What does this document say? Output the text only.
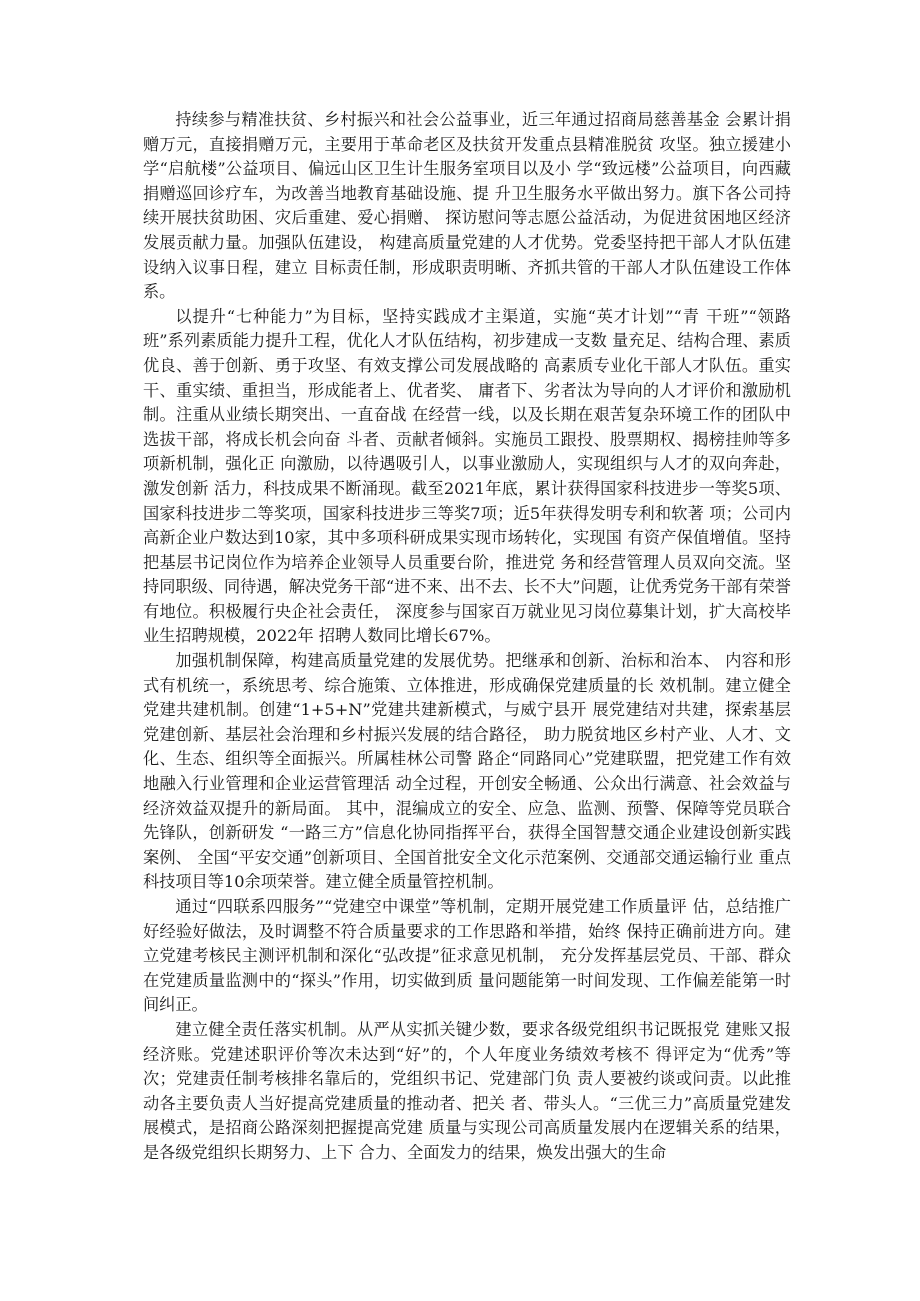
持续参与精准扶贫、乡村振兴和社会公益事业，近三年通过招商局慈善基金 会累计捐赠万元，直接捐赠万元，主要用于革命老区及扶贫开发重点县精准脱贫 攻坚。独立援建小学“启航楼”公益项目、偏远山区卫生计生服务室项目以及小 学“致远楼”公益项目，向西藏捐赠巡回诊疗车，为改善当地教育基础设施、提 升卫生服务水平做出努力。旗下各公司持续开展扶贫助困、灾后重建、爱心捐赠、 探访慰问等志愿公益活动，为促进贫困地区经济发展贡献力量。加强队伍建设， 构建高质量党建的人才优势。党委坚持把干部人才队伍建设纳入议事日程，建立 目标责任制，形成职责明晰、齐抓共管的干部人才队伍建设工作体系。

以提升“七种能力”为目标，坚持实践成才主渠道，实施“英才计划”“青 干班”“领路班”系列素质能力提升工程，优化人才队伍结构，初步建成一支数 量充足、结构合理、素质优良、善于创新、勇于攻坚、有效支撑公司发展战略的 高素质专业化干部人才队伍。重实干、重实绩、重担当，形成能者上、优者奖、 庸者下、劣者汰为导向的人才评价和激励机制。注重从业绩长期突出、一直奋战 在经营一线，以及长期在艰苦复杂环境工作的团队中选拔干部，将成长机会向奋 斗者、贡献者倾斜。实施员工跟投、股票期权、揭榜挂帅等多项新机制，强化正 向激励，以待遇吸引人，以事业激励人，实现组织与人才的双向奔赴，激发创新 活力，科技成果不断涌现。截至2021年底，累计获得国家科技进步一等奖5项、 国家科技进步二等奖项，国家科技进步三等奖7项；近5年获得发明专利和软著 项；公司内高新企业户数达到10家，其中多项科研成果实现市场转化，实现国 有资产保值增值。坚持把基层书记岗位作为培养企业领导人员重要台阶，推进党 务和经营管理人员双向交流。坚持同职级、同待遇，解决党务干部“进不来、出不去、长不大”问题，让优秀党务干部有荣誉有地位。积极履行央企社会责任， 深度参与国家百万就业见习岗位募集计划，扩大高校毕业生招聘规模，2022年 招聘人数同比增长67%。

加强机制保障，构建高质量党建的发展优势。把继承和创新、治标和治本、 内容和形式有机统一，系统思考、综合施策、立体推进，形成确保党建质量的长 效机制。建立健全党建共建机制。创建“1+5+N”党建共建新模式，与威宁县开 展党建结对共建，探索基层党建创新、基层社会治理和乡村振兴发展的结合路径， 助力脱贫地区乡村产业、人才、文化、生态、组织等全面振兴。所属桂林公司警 路企“同路同心”党建联盟，把党建工作有效地融入行业管理和企业运营管理活 动全过程，开创安全畅通、公众出行满意、社会效益与经济效益双提升的新局面。 其中，混编成立的安全、应急、监测、预警、保障等党员联合先锋队，创新研发 “一路三方”信息化协同指挥平台，获得全国智慧交通企业建设创新实践案例、 全国“平安交通”创新项目、全国首批安全文化示范案例、交通部交通运输行业 重点科技项目等10余项荣誉。建立健全质量管控机制。

通过“四联系四服务”“党建空中课堂”等机制，定期开展党建工作质量评 估，总结推广好经验好做法，及时调整不符合质量要求的工作思路和举措，始终 保持正确前进方向。建立党建考核民主测评机制和深化“弘改提”征求意见机制， 充分发挥基层党员、干部、群众在党建质量监测中的“探头”作用，切实做到质 量问题能第一时间发现、工作偏差能第一时间纠正。

建立健全责任落实机制。从严从实抓关键少数，要求各级党组织书记既报党 建账又报经济账。党建述职评价等次未达到“好”的，个人年度业务绩效考核不 得评定为“优秀”等次；党建责任制考核排名靠后的，党组织书记、党建部门负 责人要被约谈或问责。以此推动各主要负责人当好提高党建质量的推动者、把关 者、带头人。“三优三力”高质量党建发展模式，是招商公路深刻把握提高党建 质量与实现公司高质量发展内在逻辑关系的结果，是各级党组织长期努力、上下 合力、全面发力的结果，焕发出强大的生命
